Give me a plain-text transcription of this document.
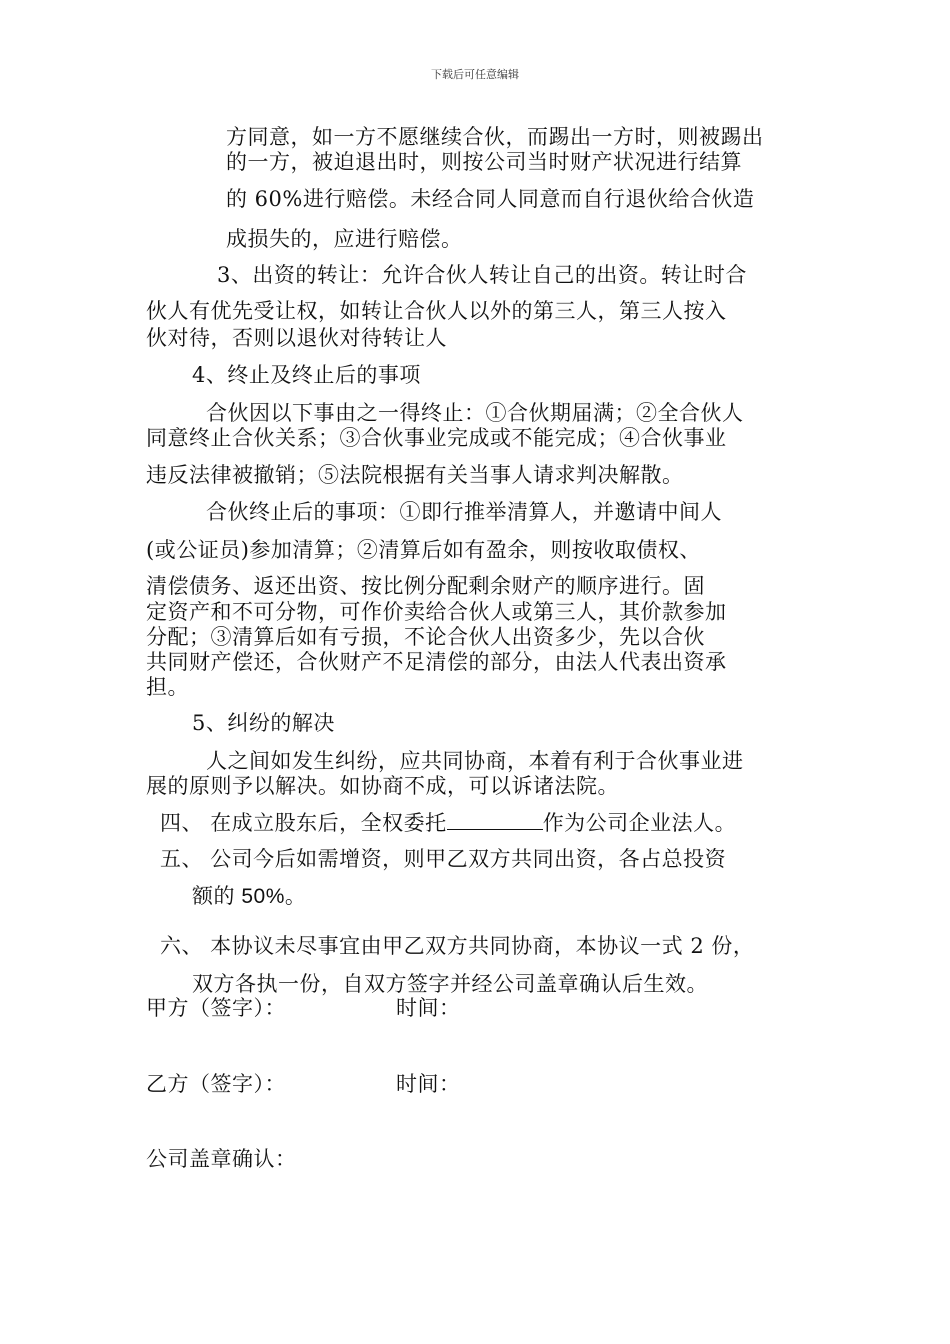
下载后可任意编辑
方同意，如一方不愿继续合伙，而踢出一方时，则被踢出
的一方，被迫退出时，则按公司当时财产状况进行结算
的 60%进行赔偿。未经合同人同意而自行退伙给合伙造
成损失的，应进行赔偿。
3、出资的转让：允许合伙人转让自己的出资。转让时合
伙人有优先受让权，如转让合伙人以外的第三人，第三人按入
伙对待，否则以退伙对待转让人
4、终止及终止后的事项
合伙因以下事由之一得终止：①合伙期届满；②全合伙人
同意终止合伙关系；③合伙事业完成或不能完成；④合伙事业
违反法律被撤销；⑤法院根据有关当事人请求判决解散。
合伙终止后的事项：①即行推举清算人，并邀请中间人
(或公证员)参加清算；②清算后如有盈余，则按收取债权、
清偿债务、返还出资、按比例分配剩余财产的顺序进行。固
定资产和不可分物，可作价卖给合伙人或第三人，其价款参加
分配；③清算后如有亏损，不论合伙人出资多少，先以合伙
共同财产偿还，合伙财产不足清偿的部分，由法人代表出资承
担。
5、纠纷的解决
人之间如发生纠纷，应共同协商，本着有利于合伙事业进
展的原则予以解决。如协商不成，可以诉诸法院。
四、 在成立股东后，全权委托	作为公司企业法人。
五、 公司今后如需增资，则甲乙双方共同出资，各占总投资
额的 50%。
六、 本协议未尽事宜由甲乙双方共同协商，本协议一式 2 份，
双方各执一份，自双方签字并经公司盖章确认后生效。
甲方（签字）：	时间：
乙方（签字）：	时间：
公司盖章确认：
